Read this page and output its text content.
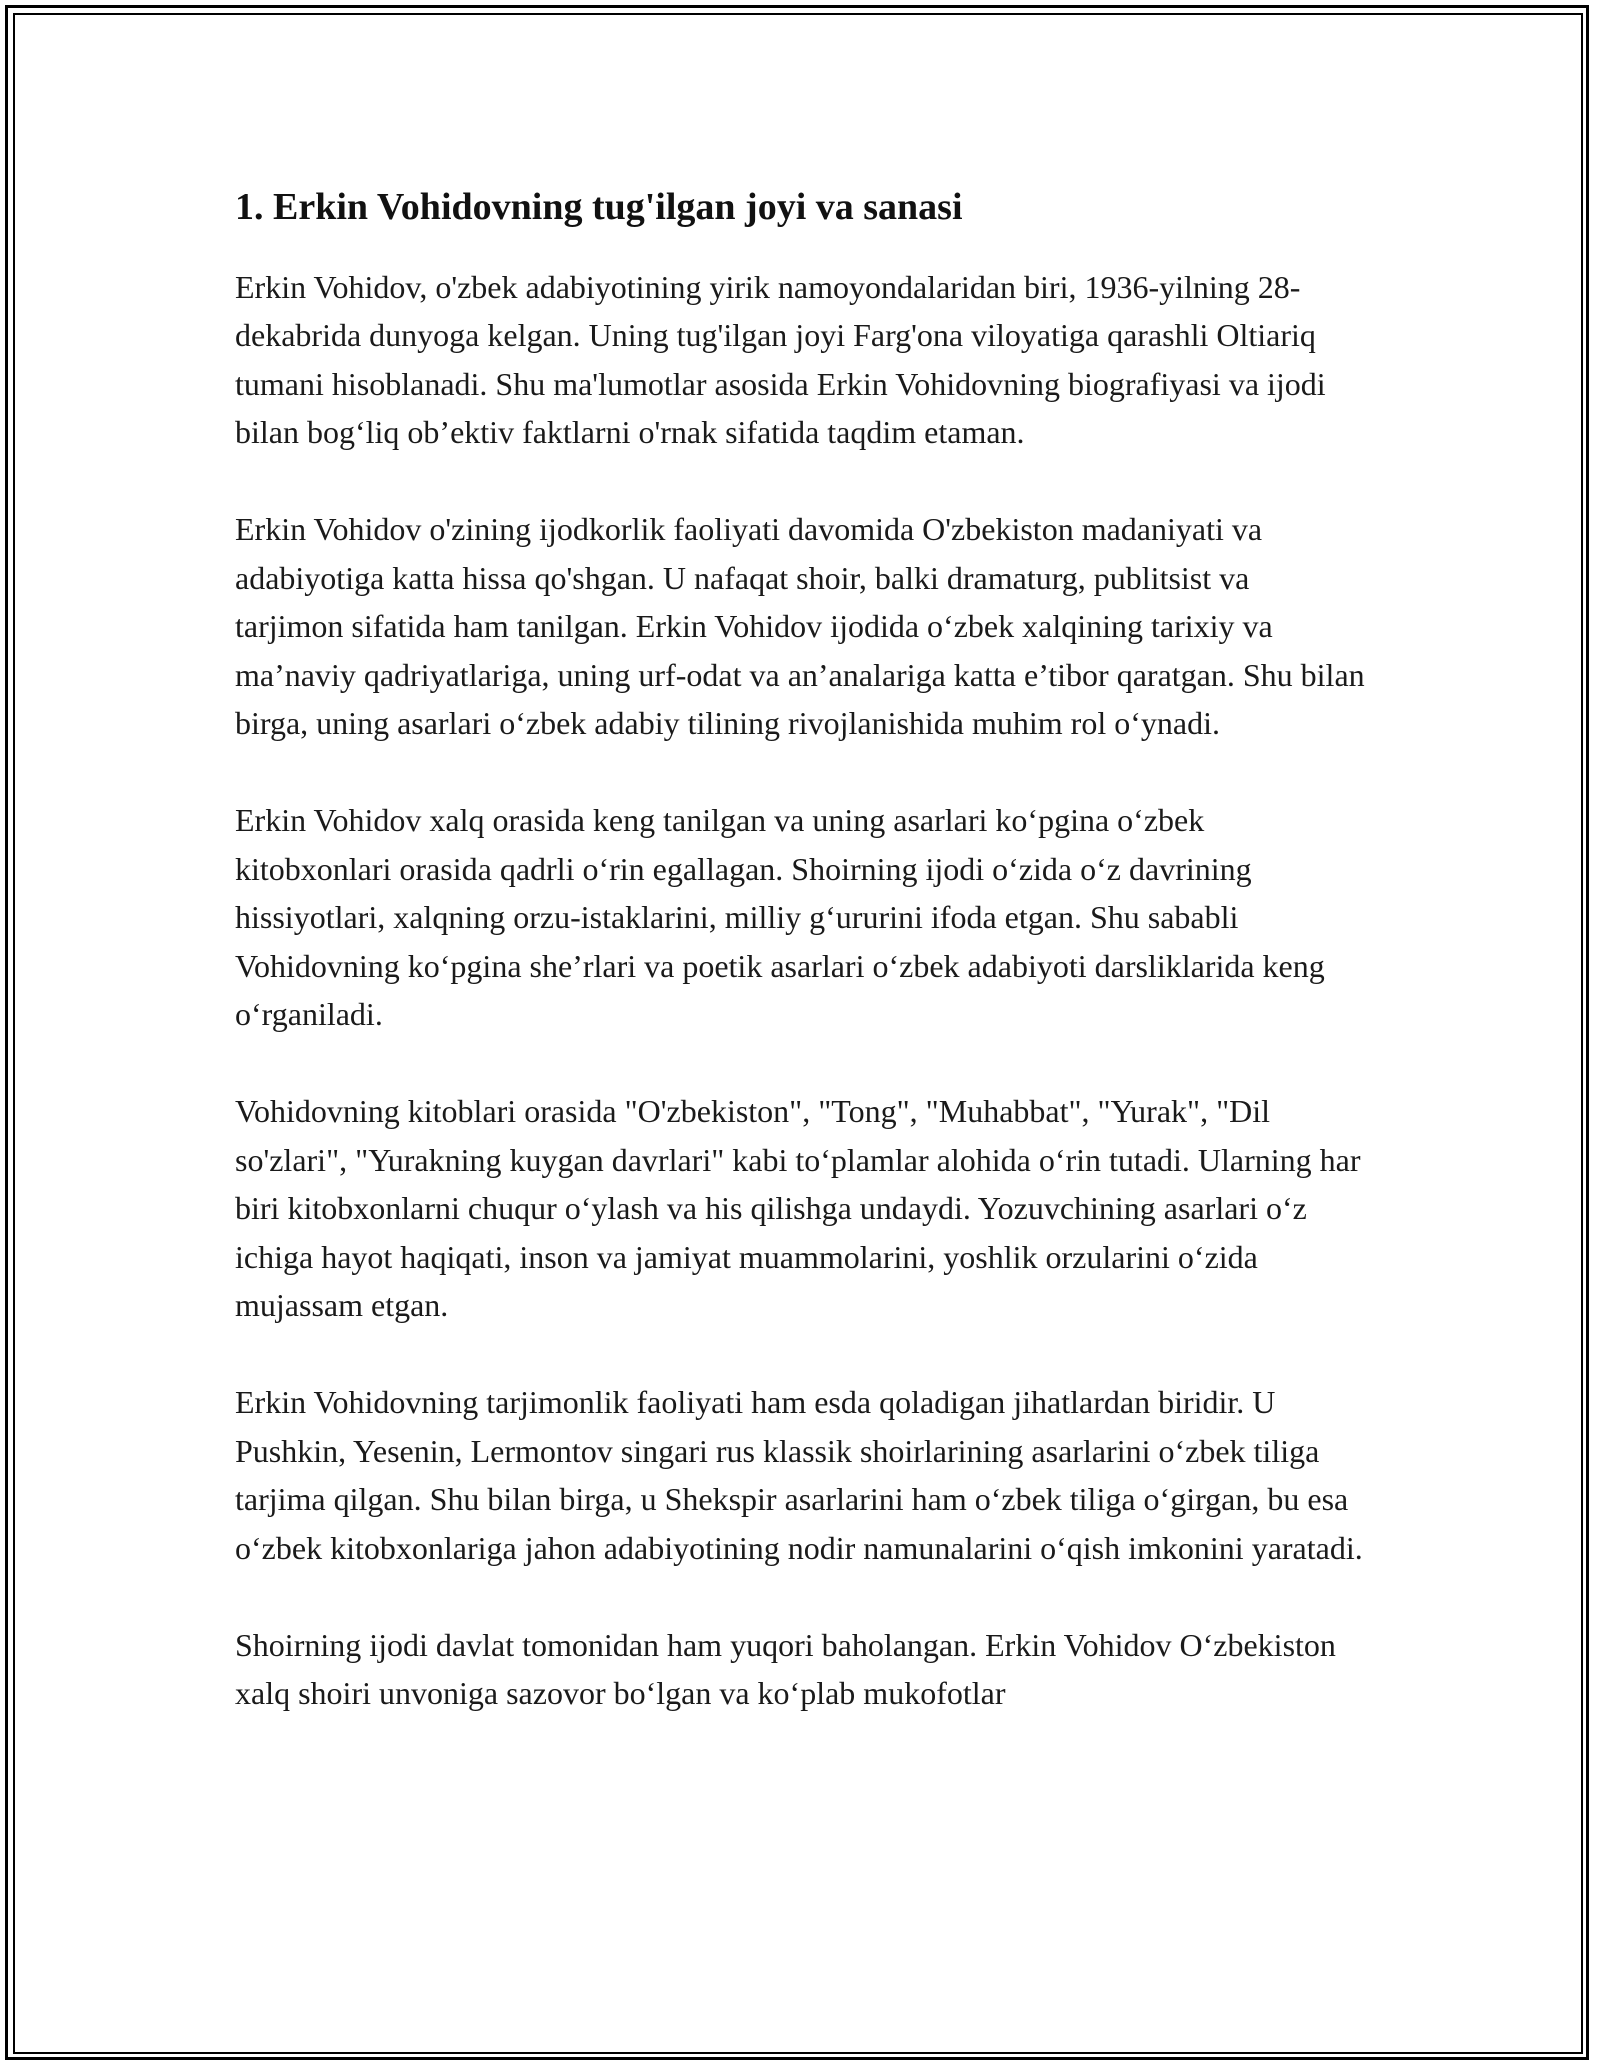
1. Erkin Vohidovning tug'ilgan joyi va sanasi

Erkin Vohidov, o'zbek adabiyotining yirik namoyondalaridan biri, 1936-yilning 28-dekabrida dunyoga kelgan. Uning tug'ilgan joyi Farg'ona viloyatiga qarashli Oltiariq tumani hisoblanadi. Shu ma'lumotlar asosida Erkin Vohidovning biografiyasi va ijodi bilan bog‘liq ob’ektiv faktlarni o'rnak sifatida taqdim etaman.

Erkin Vohidov o'zining ijodkorlik faoliyati davomida O'zbekiston madaniyati va adabiyotiga katta hissa qo'shgan. U nafaqat shoir, balki dramaturg, publitsist va tarjimon sifatida ham tanilgan. Erkin Vohidov ijodida o‘zbek xalqining tarixiy va ma’naviy qadriyatlariga, uning urf-odat va an’analariga katta e’tibor qaratgan. Shu bilan birga, uning asarlari o‘zbek adabiy tilining rivojlanishida muhim rol o‘ynadi.

Erkin Vohidov xalq orasida keng tanilgan va uning asarlari ko‘pgina o‘zbek kitobxonlari orasida qadrli o‘rin egallagan. Shoirning ijodi o‘zida o‘z davrining hissiyotlari, xalqning orzu-istaklarini, milliy g‘ururini ifoda etgan. Shu sababli Vohidovning ko‘pgina she’rlari va poetik asarlari o‘zbek adabiyoti darsliklarida keng o‘rganiladi.

Vohidovning kitoblari orasida "O'zbekiston", "Tong", "Muhabbat", "Yurak", "Dil so'zlari", "Yurakning kuygan davrlari" kabi to‘plamlar alohida o‘rin tutadi. Ularning har biri kitobxonlarni chuqur o‘ylash va his qilishga undaydi. Yozuvchining asarlari o‘z ichiga hayot haqiqati, inson va jamiyat muammolarini, yoshlik orzularini o‘zida mujassam etgan.

Erkin Vohidovning tarjimonlik faoliyati ham esda qoladigan jihatlardan biridir. U Pushkin, Yesenin, Lermontov singari rus klassik shoirlarining asarlarini o‘zbek tiliga tarjima qilgan. Shu bilan birga, u Shekspir asarlarini ham o‘zbek tiliga o‘girgan, bu esa o‘zbek kitobxonlariga jahon adabiyotining nodir namunalarini o‘qish imkonini yaratadi.

Shoirning ijodi davlat tomonidan ham yuqori baholangan. Erkin Vohidov O‘zbekiston xalq shoiri unvoniga sazovor bo‘lgan va ko‘plab mukofotlar
